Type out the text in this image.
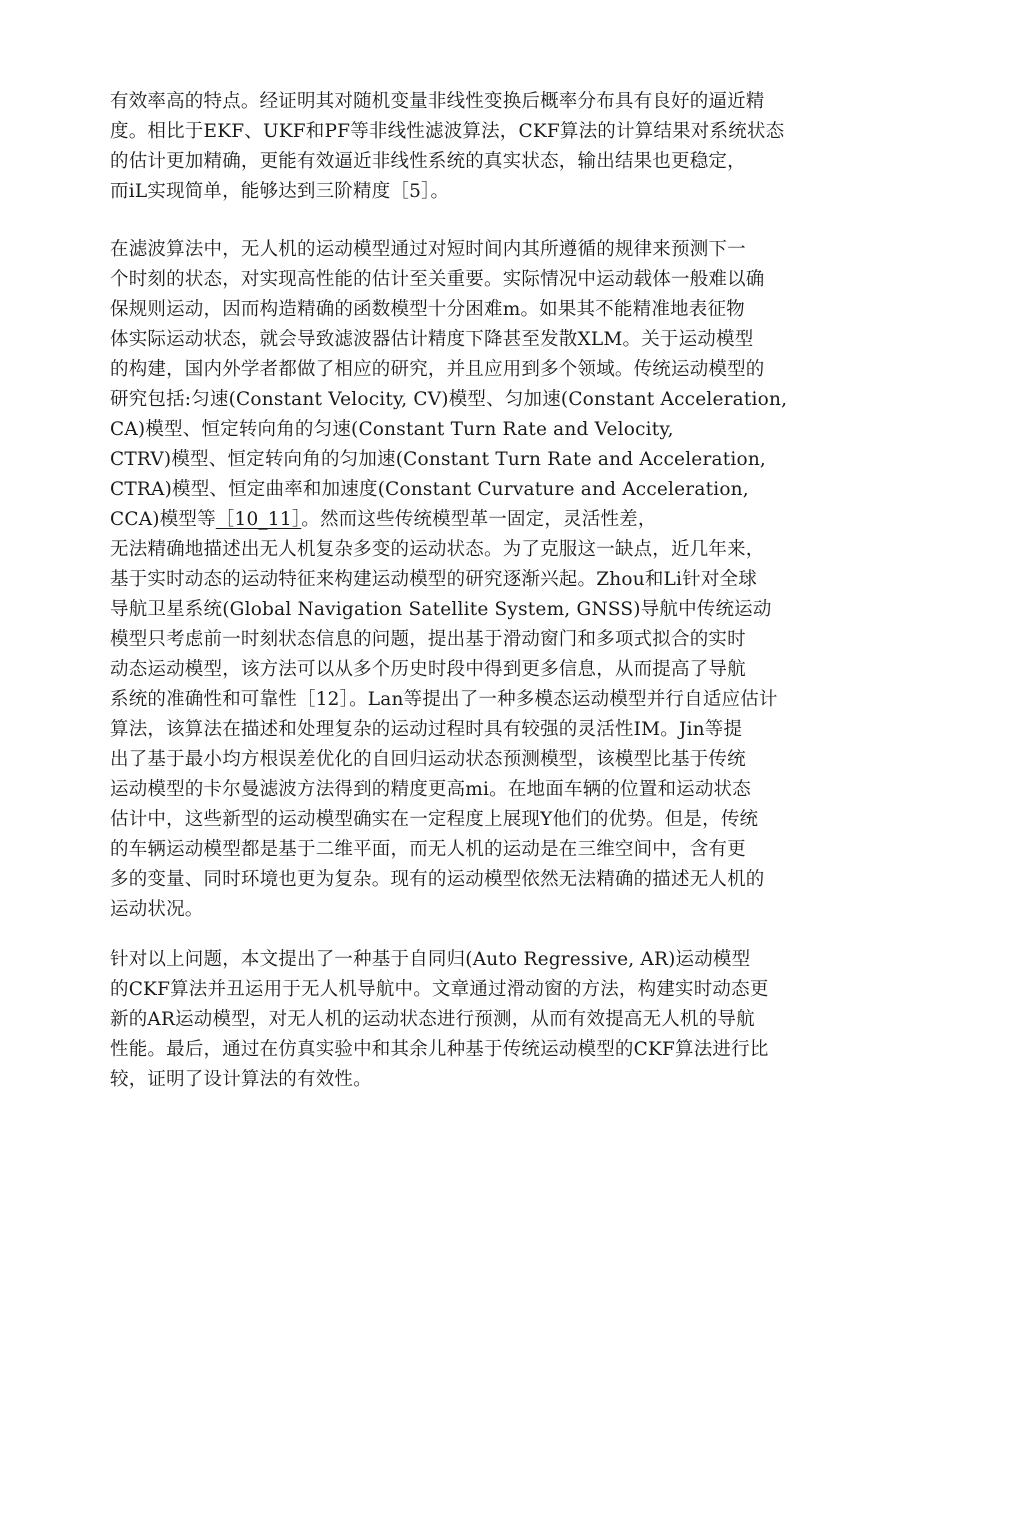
有效率高的特点。经证明其对随机变量非线性变换后概率分布具有良好的逼近精
度。相比于EKF、UKF和PF等非线性滤波算法，CKF算法的计算结果对系统状态
的估计更加精确，更能有效逼近非线性系统的真实状态，输出结果也更稳定，
而iL实现简单，能够达到三阶精度［5］。
在滤波算法中，无人机的运动模型通过对短时间内其所遵循的规律来预测下一
个时刻的状态，对实现高性能的估计至关重要。实际情况中运动载体一般难以确
保规则运动，因而构造精确的函数模型十分困难m。如果其不能精准地表征物
体实际运动状态，就会导致滤波器估计精度下降甚至发散XLM。关于运动模型
的构建，国内外学者都做了相应的研究，并且应用到多个领域。传统运动模型的
研究包括:匀速(Constant Velocity, CV)模型、匀加速(Constant Acceleration,
CA)模型、恒定转向角的匀速(Constant Turn Rate and Velocity,
CTRV)模型、恒定转向角的匀加速(Constant Turn Rate and Acceleration,
CTRA)模型、恒定曲率和加速度(Constant Curvature and Acceleration,
CCA)模型等［10_11］。然而这些传统模型革一固定，灵活性差，
无法精确地描述出无人机复杂多变的运动状态。为了克服这一缺点，近几年来，
基于实时动态的运动特征来构建运动模型的研究逐渐兴起。Zhou和Li针对全球
导航卫星系统(Global Navigation Satellite System, GNSS)导航中传统运动
模型只考虑前一时刻状态信息的问题，提出基于滑动窗门和多项式拟合的实时
动态运动模型，该方法可以从多个历史时段中得到更多信息，从而提高了导航
系统的准确性和可靠性［12］。Lan等提出了一种多模态运动模型并行自适应估计
算法，该算法在描述和处理复杂的运动过程时具有较强的灵活性IM。Jin等提
出了基于最小均方根误差优化的自回归运动状态预测模型，该模型比基于传统
运动模型的卡尔曼滤波方法得到的精度更高mi。在地面车辆的位置和运动状态
估计中，这些新型的运动模型确实在一定程度上展现Y他们的优势。但是，传统
的车辆运动模型都是基于二维平面，而无人机的运动是在三维空间中，含有更
多的变量、同时环境也更为复杂。现有的运动模型依然无法精确的描述无人机的
运动状况。
针对以上问题，本文提出了一种基于自同归(Auto Regressive, AR)运动模型
的CKF算法并丑运用于无人机导航中。文章通过滑动窗的方法，构建实时动态更
新的AR运动模型，对无人机的运动状态进行预测，从而有效提高无人机的导航
性能。最后，通过在仿真实验中和其余儿种基于传统运动模型的CKF算法进行比
较，证明了设计算法的有效性。
